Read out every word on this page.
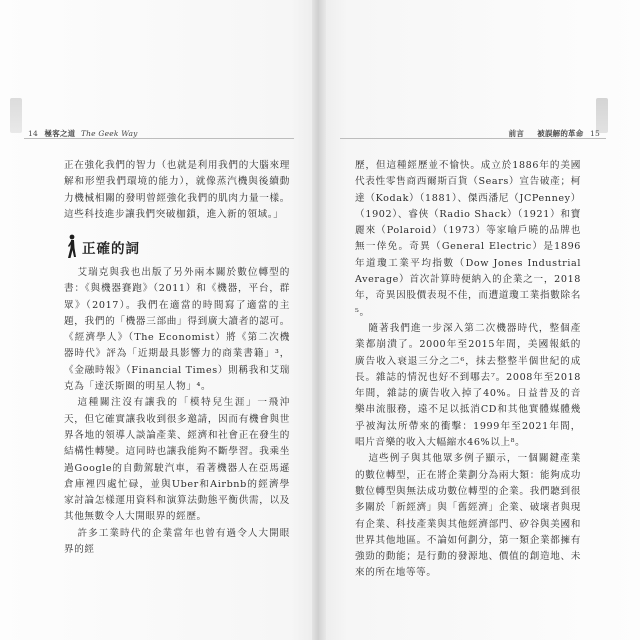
14 極客之道 The Geek Way	前言 被誤解的革命 15

正在強化我們的智力（也就是利用我們的大腦來理解和形塑我們環境的能力），就像蒸汽機與後續動力機械相關的發明曾經強化我們的肌肉力量一樣。這些科技進步讓我們突破枷鎖，進入新的領域。」

正確的詞

艾瑞克與我也出版了另外兩本關於數位轉型的書：《與機器賽跑》（2011）和《機器，平台，群眾》（2017）。我們在適當的時間寫了適當的主題，我們的「機器三部曲」得到廣大讀者的認可。《經濟學人》（The Economist）將《第二次機器時代》評為「近期最具影響力的商業書籍」³，《金融時報》（Financial Times）則稱我和艾瑞克為「達沃斯圈的明星人物」⁴。

這種關注沒有讓我的「模特兒生涯」一飛沖天，但它確實讓我收到很多邀請，因而有機會與世界各地的領導人談論產業、經濟和社會正在發生的結構性轉變。這同時也讓我能夠不斷學習。我乘坐過Google的自動駕駛汽車，看著機器人在亞馬遜倉庫裡四處忙碌，並與Uber和Airbnb的經濟學家討論怎樣運用資料和演算法動態平衡供需，以及其他無數令人大開眼界的經歷。

許多工業時代的企業當年也曾有過令人大開眼界的經

歷，但這種經歷並不愉快。成立於1886年的美國代表性零售商西爾斯百貨（Sears）宣告破產；柯達（Kodak）（1881）、傑西潘尼（JCPenney）（1902）、睿俠（Radio Shack）（1921）和寶麗來（Polaroid）（1973）等家喻戶曉的品牌也無一倖免。奇異（General Electric）是1896年道瓊工業平均指數（Dow Jones Industrial Average）首次計算時便納入的企業之一，2018年，奇異因股價表現不佳，而遭道瓊工業指數除名⁵。

隨著我們進一步深入第二次機器時代，整個產業都崩潰了。2000年至2015年間，美國報紙的廣告收入衰退三分之二⁶，抹去整整半個世紀的成長。雜誌的情況也好不到哪去⁷。2008年至2018年間，雜誌的廣告收入掉了40%。日益普及的音樂串流服務，遠不足以抵消CD和其他實體媒體幾乎被淘汰所帶來的衝擊：1999年至2021年間，唱片音樂的收入大幅縮水46%以上⁸。

這些例子與其他眾多例子顯示，一個關鍵產業的數位轉型，正在將企業劃分為兩大類：能夠成功數位轉型與無法成功數位轉型的企業。我們聽到很多關於「新經濟」與「舊經濟」企業、破壞者與現有企業、科技產業與其他經濟部門、矽谷與美國和世界其他地區。不論如何劃分，第一類企業都擁有強勁的動能；是行動的發源地、價值的創造地、未來的所在地等等。
